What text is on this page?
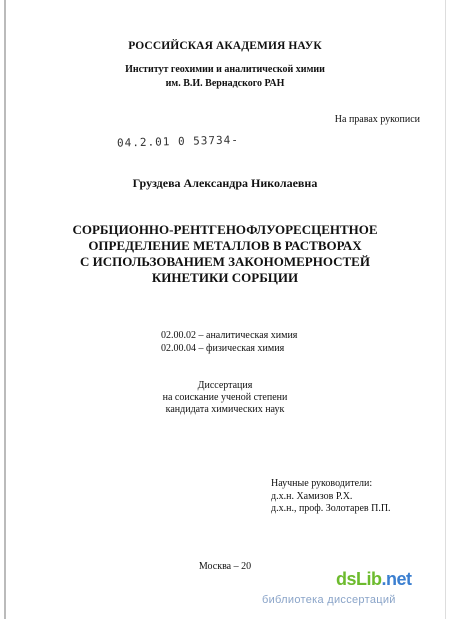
РОССИЙСКАЯ АКАДЕМИЯ НАУК
Институт геохимии и аналитической химии
им. В.И. Вернадского РАН
На правах рукописи
04.2.01 0 53734-
Груздева Александра Николаевна
СОРБЦИОННО-РЕНТГЕНОФЛУОРЕСЦЕНТНОЕ
ОПРЕДЕЛЕНИЕ МЕТАЛЛОВ В РАСТВОРАХ
С ИСПОЛЬЗОВАНИЕМ ЗАКОНОМЕРНОСТЕЙ
КИНЕТИКИ СОРБЦИИ
02.00.02 – аналитическая химия
02.00.04 – физическая химия
Диссертация
на соискание ученой степени
кандидата химических наук
Научные руководители:
д.х.н. Хамизов Р.Х.
д.х.н., проф. Золотарев П.П.
Москва – 20
dsLib.net
библиотека диссертаций
